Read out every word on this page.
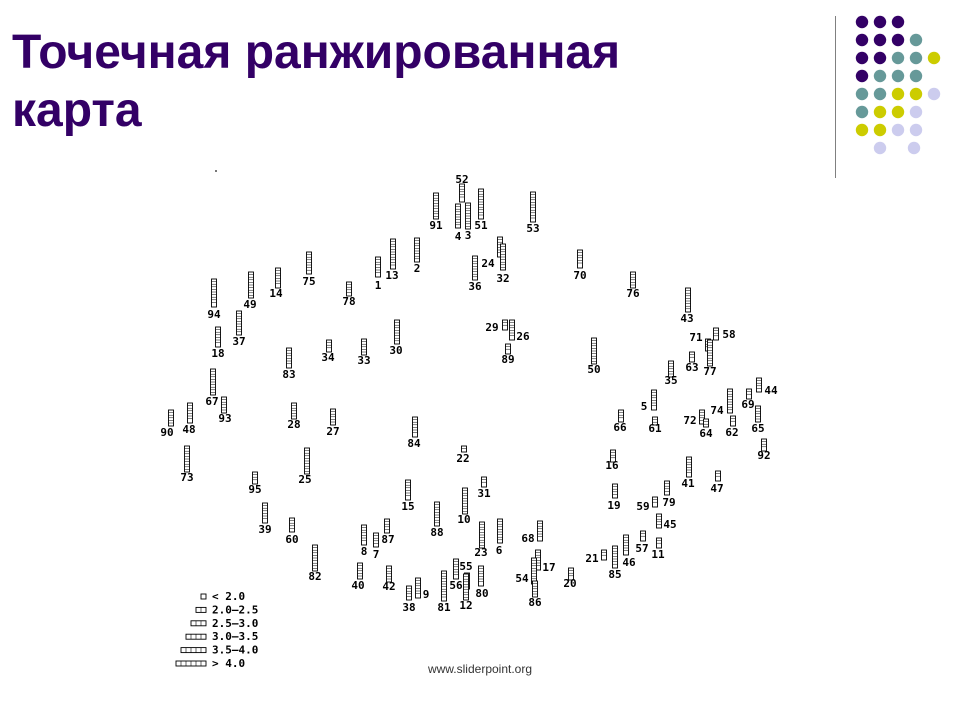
Точечная ранжированная
карта
52
91
4 3
51	53
2
13
1
24
36
32	70
76
75
14
49	78
94	43
37
18	30
29
26
89
34 33
71 58
77
63
50
83	35
67
93
44
69
74
5
28
27
90 48	66 61
72
64 62 65
84
92
22
73	25
16
41 47
95	31
15
10
19	79
59
45
39	88
60
6
23
68
87
8 7	57 11
46
21
85
82
17
55
40 42
54	20
56
80
9
38 81 12	86
< 2.0
2.0–2.5
2.5–3.0
3.0–3.5
3.5–4.0
> 4.0	www.sliderpoint.org
